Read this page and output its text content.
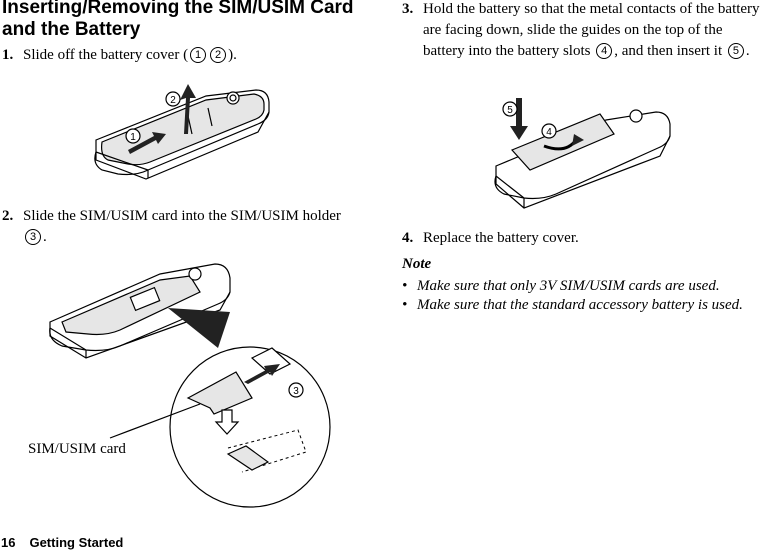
Inserting/Removing the SIM/USIM Card and the Battery
1. Slide off the battery cover ( 1 2 ).
1
2
2. Slide the SIM/USIM card into the SIM/USIM holder 3 .
3
SIM/USIM card
3. Hold the battery so that the metal contacts of the battery are facing down, slide the guides on the top of the battery into the battery slots 4 , and then insert it 5 .
5
4
4. Replace the battery cover.
Note
• Make sure that only 3V SIM/USIM cards are used.
• Make sure that the standard accessory battery is used.
16 Getting Started
